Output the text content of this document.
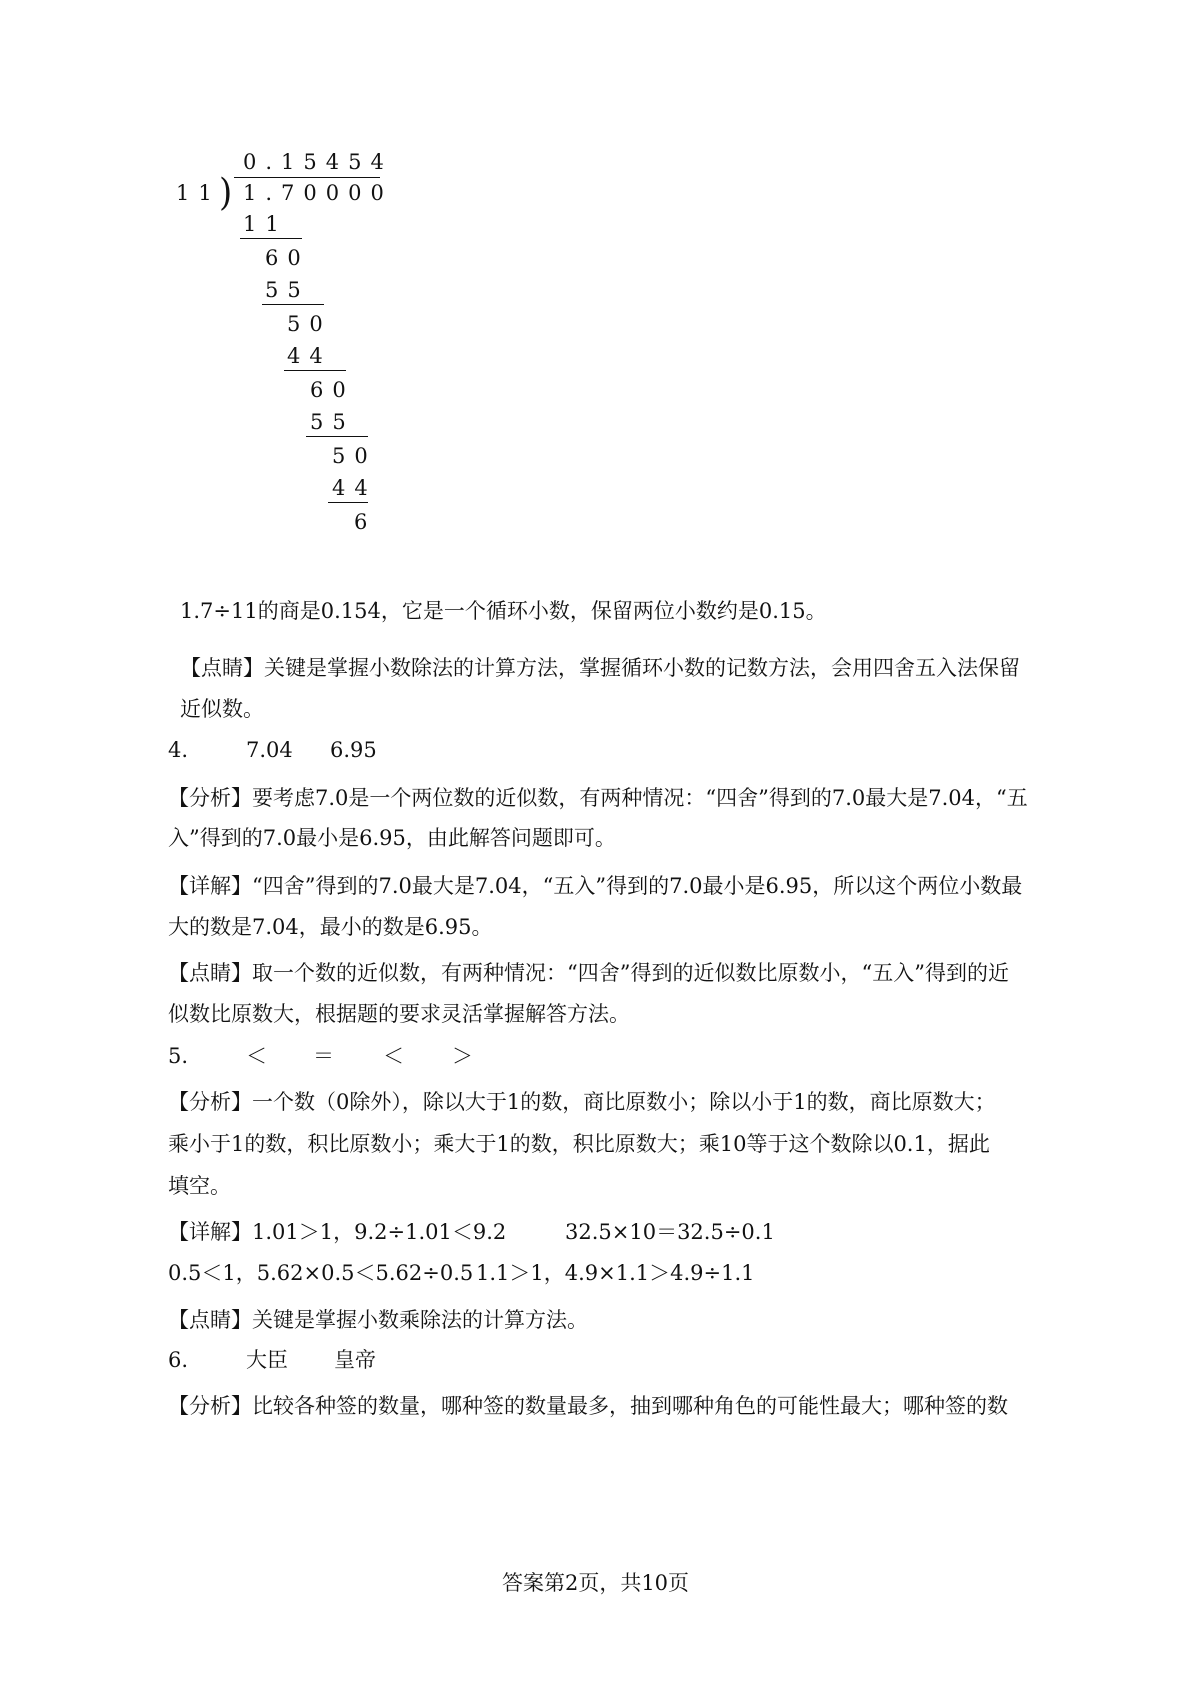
0.15454
11
) 1.70000
11
60
55
50
44
60
55
50
44
6
1.7÷11的商是0.154̇，它是一个循环小数，保留两位小数约是0.15。
【点睛】关键是掌握小数除法的计算方法，掌握循环小数的记数方法，会用四舍五入法保留
近似数。
4.	7.04 6.95
【分析】要考虑7.0是一个两位数的近似数，有两种情况：“四舍”得到的7.0最大是7.04，“五
入”得到的7.0最小是6.95，由此解答问题即可。
【详解】“四舍”得到的7.0最大是7.04，“五入”得到的7.0最小是6.95，所以这个两位小数最
大的数是7.04，最小的数是6.95。
【点睛】取一个数的近似数，有两种情况：“四舍”得到的近似数比原数小，“五入”得到的近
似数比原数大，根据题的要求灵活掌握解答方法。
5.	＜ ＝ ＜ ＞
【分析】一个数（0除外），除以大于1的数，商比原数小；除以小于1的数，商比原数大；
乘小于1的数，积比原数小；乘大于1的数，积比原数大；乘10等于这个数除以0.1，据此
填空。
【详解】1.01＞1，9.2÷1.01＜9.2	32.5×10＝32.5÷0.1
0.5＜1，5.62×0.5＜5.62÷0.5 1.1＞1，4.9×1.1＞4.9÷1.1
【点睛】关键是掌握小数乘除法的计算方法。
6.	大臣 皇帝
【分析】比较各种签的数量，哪种签的数量最多，抽到哪种角色的可能性最大；哪种签的数
答案第2页，共10页
